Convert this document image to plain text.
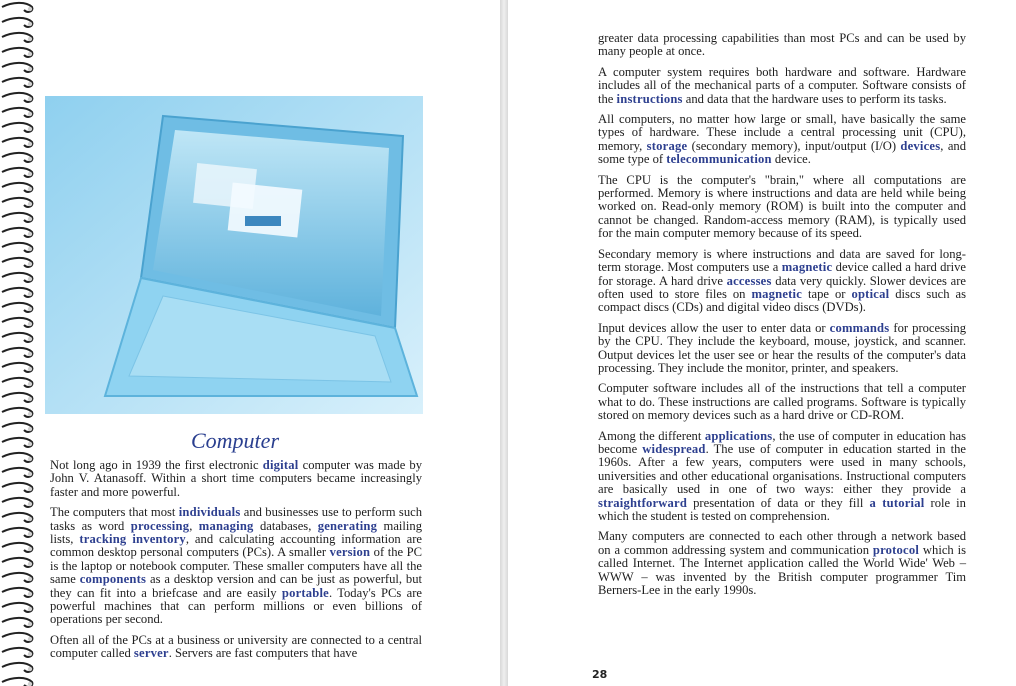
Computer

Not long ago in 1939 the first electronic digital computer was made by John V. Atanasoff. Within a short time computers became increasingly faster and more powerful.

The computers that most individuals and businesses use to perform such tasks as word processing, managing databases, generating mailing lists, tracking inventory, and calculating accounting information are common desktop personal computers (PCs). A smaller version of the PC is the laptop or notebook computer. These smaller computers have all the same components as a desktop version and can be just as powerful, but they can fit into a briefcase and are easily portable. Today's PCs are powerful machines that can perform millions or even billions of operations per second.

Often all of the PCs at a business or university are connected to a central computer called server. Servers are fast computers that have

greater data processing capabilities than most PCs and can be used by many people at once.

A computer system requires both hardware and software. Hardware includes all of the mechanical parts of a computer. Software consists of the instructions and data that the hardware uses to perform its tasks.

All computers, no matter how large or small, have basically the same types of hardware. These include a central processing unit (CPU), memory, storage (secondary memory), input/output (I/O) devices, and some type of telecommunication device.

The CPU is the computer's "brain," where all computations are performed. Memory is where instructions and data are held while being worked on. Read-only memory (ROM) is built into the computer and cannot be changed. Random-access memory (RAM), is typically used for the main computer memory because of its speed.

Secondary memory is where instructions and data are saved for long-term storage. Most computers use a magnetic device called a hard drive for storage. A hard drive accesses data very quickly. Slower devices are often used to store files on magnetic tape or optical discs such as compact discs (CDs) and digital video discs (DVDs).

Input devices allow the user to enter data or commands for processing by the CPU. They include the keyboard, mouse, joystick, and scanner. Output devices let the user see or hear the results of the computer's data processing. They include the monitor, printer, and speakers.

Computer software includes all of the instructions that tell a computer what to do. These instructions are called programs. Software is typically stored on memory devices such as a hard drive or CD-ROM.

Among the different applications, the use of computer in education has become widespread. The use of computer in education started in the 1960s. After a few years, computers were used in many schools, universities and other educational organisations. Instructional computers are basically used in one of two ways: either they provide a straightforward presentation of data or they fill a tutorial role in which the student is tested on comprehension.

Many computers are connected to each other through a network based on a common addressing system and communication protocol which is called Internet. The Internet application called the World Wide' Web – WWW – was invented by the British computer programmer Tim Berners-Lee in the early 1990s.

28
